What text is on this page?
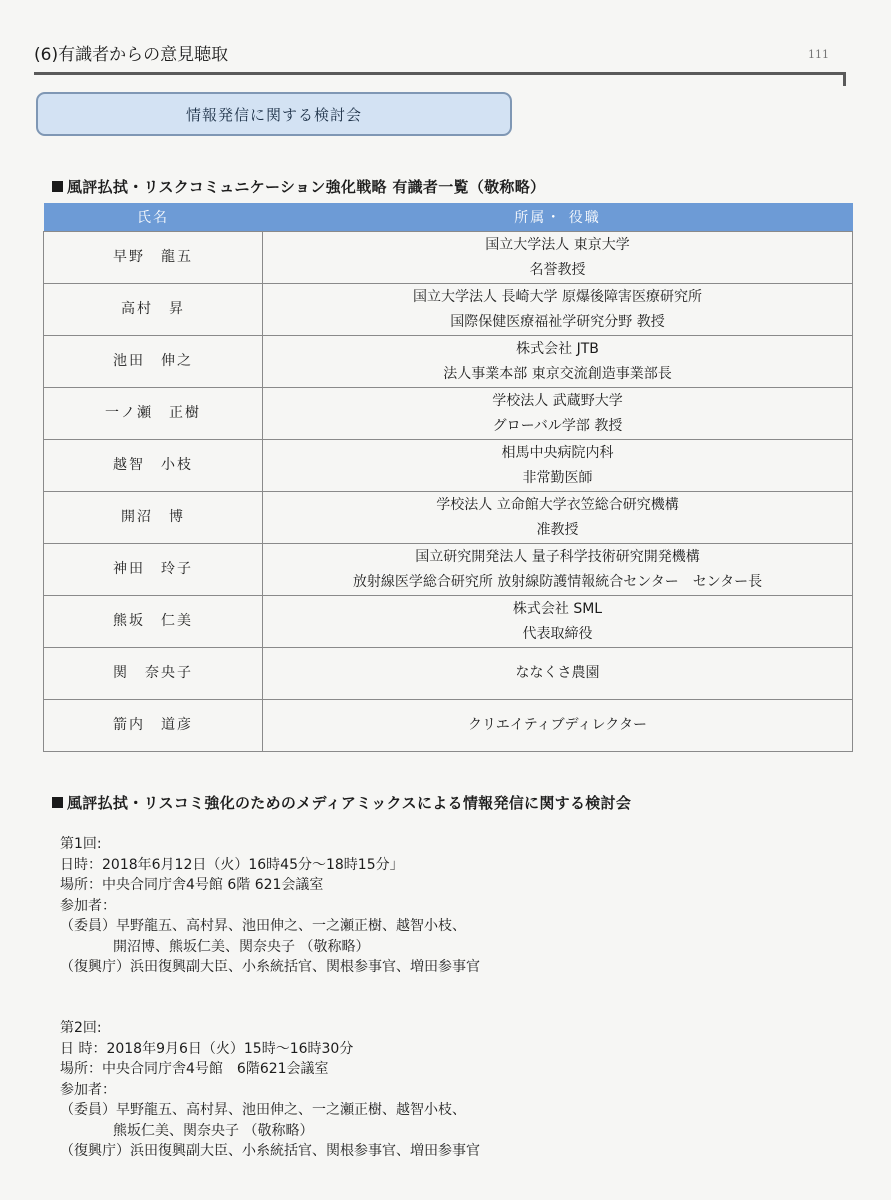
(6)有識者からの意見聴取	111
情報発信に関する検討会
風評払拭・リスクコミュニケーション強化戦略 有識者一覧（敬称略）
氏名	所属・ 役職
早野　龍五	国立大学法人 東京大学
名誉教授
高村　昇	国立大学法人 長崎大学 原爆後障害医療研究所
国際保健医療福祉学研究分野 教授
池田　伸之	株式会社 JTB
法人事業本部 東京交流創造事業部長
一ノ瀬　正樹	学校法人 武蔵野大学
グローバル学部 教授
越智　小枝	相馬中央病院内科
非常勤医師
開沼　博	学校法人 立命館大学衣笠総合研究機構
准教授
神田　玲子	国立研究開発法人 量子科学技術研究開発機構
放射線医学総合研究所 放射線防護情報統合センター　センター長
熊坂　仁美	株式会社 SML
代表取締役
関　奈央子	ななくさ農園
箭内　道彦	クリエイティブディレクター
風評払拭・リスコミ強化のためのメディアミックスによる情報発信に関する検討会
第1回:
日時：2018年6月12日（火）16時45分～18時15分」
場所：中央合同庁舎4号館 6階 621会議室
参加者：
（委員）早野龍五、高村昇、池田伸之、一之瀬正樹、越智小枝、
開沼博、熊坂仁美、関奈央子 （敬称略）
（復興庁）浜田復興副大臣、小糸統括官、関根参事官、増田参事官
第2回:
日 時：2018年9月6日（火）15時～16時30分
場所：中央合同庁舎4号館　6階621会議室
参加者：
（委員）早野龍五、高村昇、池田伸之、一之瀬正樹、越智小枝、
熊坂仁美、関奈央子 （敬称略）
（復興庁）浜田復興副大臣、小糸統括官、関根参事官、増田参事官
